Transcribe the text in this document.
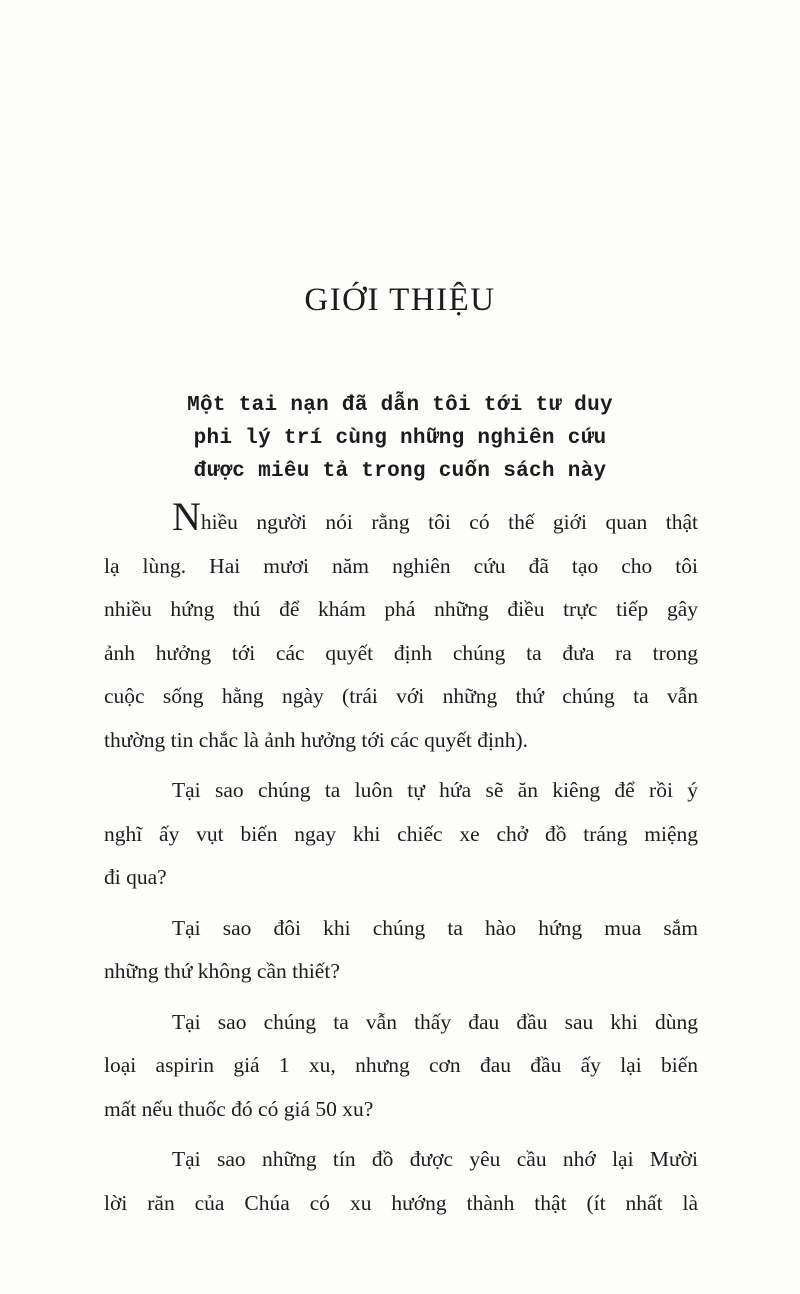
GIỚI THIỆU
Một tai nạn đã dẫn tôi tới tư duy
phi lý trí cùng những nghiên cứu
được miêu tả trong cuốn sách này
Nhiều người nói rằng tôi có thế giới quan thật
lạ lùng. Hai mươi năm nghiên cứu đã tạo cho tôi
nhiều hứng thú để khám phá những điều trực tiếp gây
ảnh hưởng tới các quyết định chúng ta đưa ra trong
cuộc sống hằng ngày (trái với những thứ chúng ta vẫn
thường tin chắc là ảnh hưởng tới các quyết định).
Tại sao chúng ta luôn tự hứa sẽ ăn kiêng để rồi ý
nghĩ ấy vụt biến ngay khi chiếc xe chở đồ tráng miệng
đi qua?
Tại sao đôi khi chúng ta hào hứng mua sắm
những thứ không cần thiết?
Tại sao chúng ta vẫn thấy đau đầu sau khi dùng
loại aspirin giá 1 xu, nhưng cơn đau đầu ấy lại biến
mất nếu thuốc đó có giá 50 xu?
Tại sao những tín đồ được yêu cầu nhớ lại Mười
lời răn của Chúa có xu hướng thành thật (ít nhất là
